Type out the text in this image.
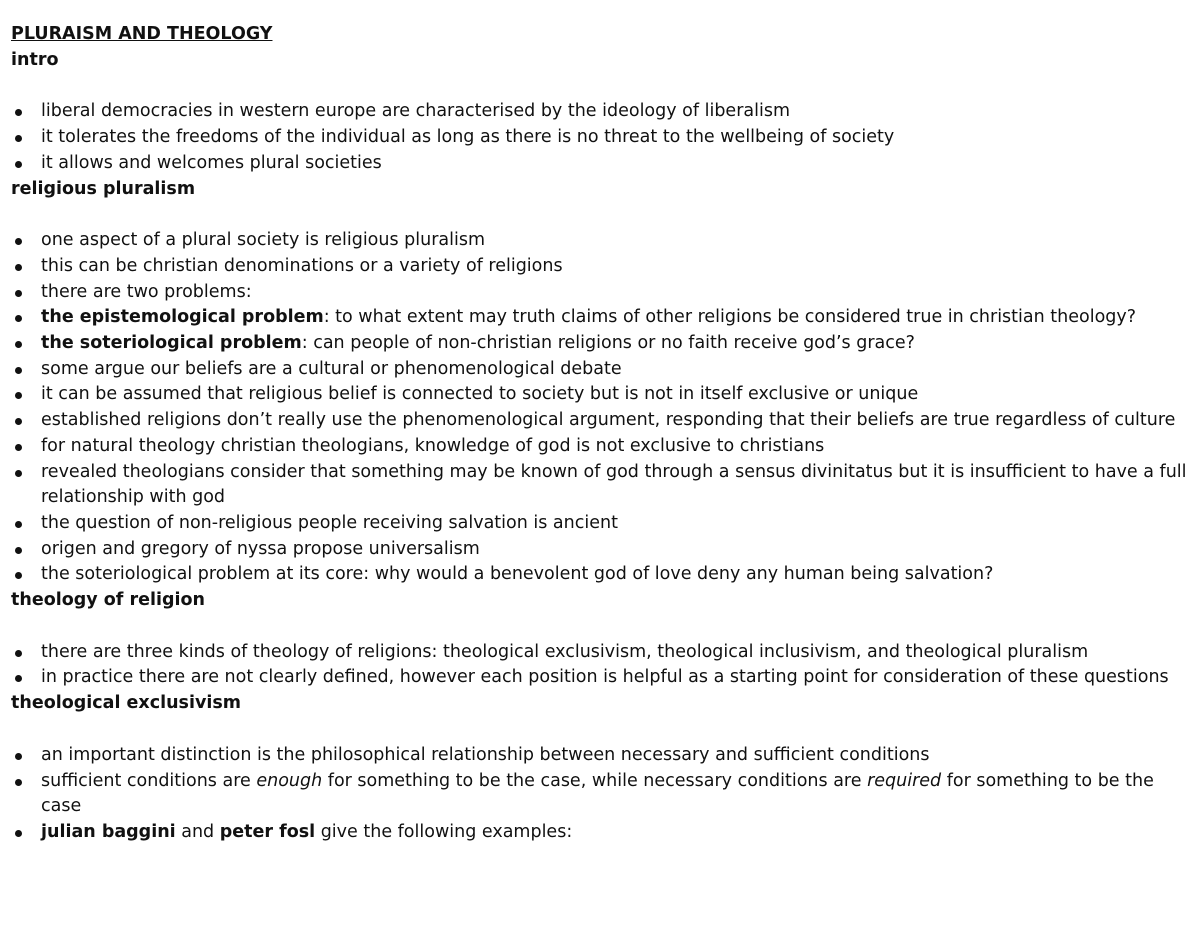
PLURAISM AND THEOLOGY

intro

liberal democracies in western europe are characterised by the ideology of liberalism
it tolerates the freedoms of the individual as long as there is no threat to the wellbeing of society
it allows and welcomes plural societies

religious pluralism

one aspect of a plural society is religious pluralism
this can be christian denominations or a variety of religions
there are two problems:
the epistemological problem: to what extent may truth claims of other religions be considered true in christian theology?
the soteriological problem: can people of non-christian religions or no faith receive god’s grace?
some argue our beliefs are a cultural or phenomenological debate
it can be assumed that religious belief is connected to society but is not in itself exclusive or unique
established religions don’t really use the phenomenological argument, responding that their beliefs are true regardless of culture
for natural theology christian theologians, knowledge of god is not exclusive to christians
revealed theologians consider that something may be known of god through a sensus divinitatus but it is insufficient to have a full relationship with god
the question of non-religious people receiving salvation is ancient
origen and gregory of nyssa propose universalism
the soteriological problem at its core: why would a benevolent god of love deny any human being salvation?

theology of religion

there are three kinds of theology of religions: theological exclusivism, theological inclusivism, and theological pluralism
in practice there are not clearly defined, however each position is helpful as a starting point for consideration of these questions

theological exclusivism

an important distinction is the philosophical relationship between necessary and sufficient conditions
sufficient conditions are enough for something to be the case, while necessary conditions are required for something to be the case
julian baggini and peter fosl give the following examples:
